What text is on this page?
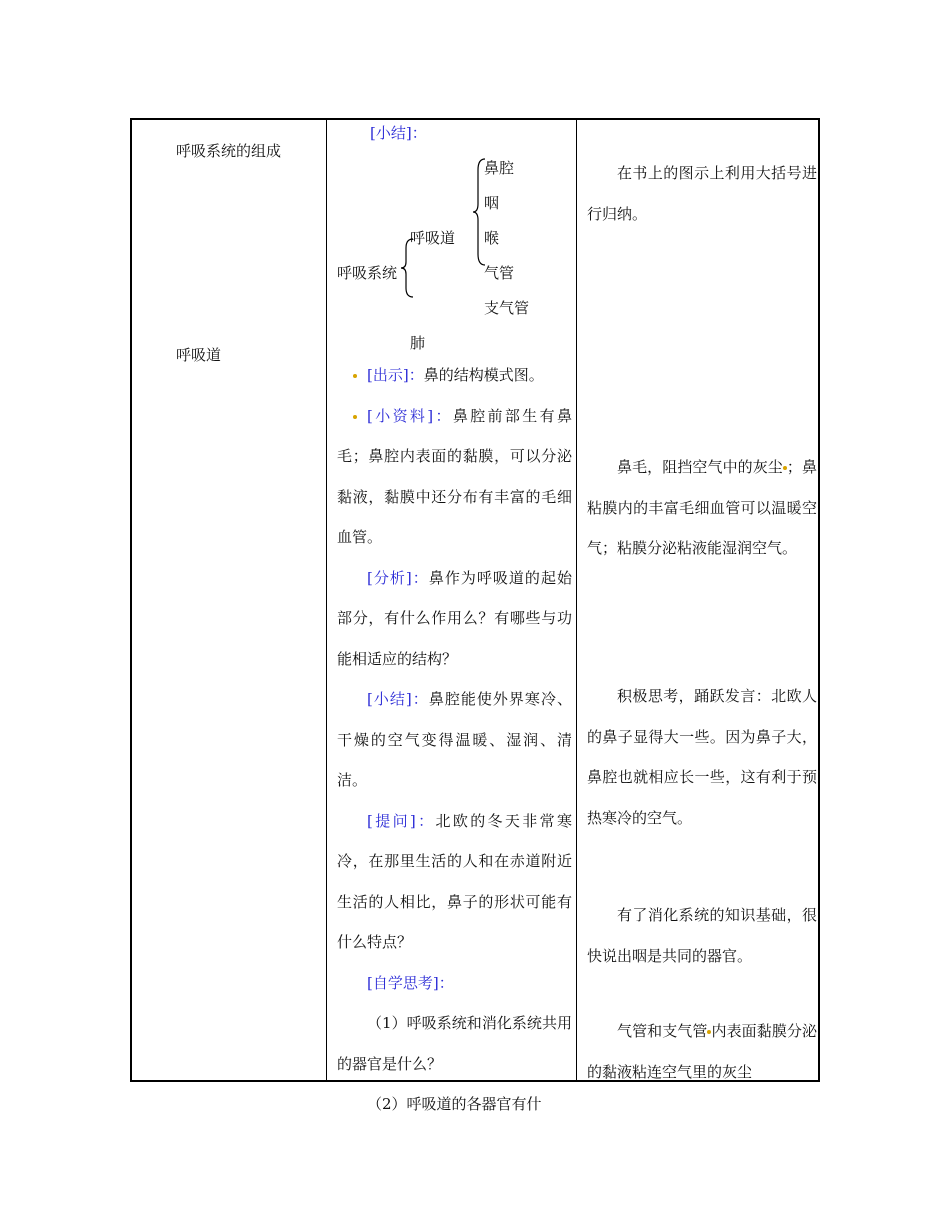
呼吸系统的组成
呼吸道
[小结]：
鼻腔
咽
喉
气管
支气管
呼吸道
呼吸系统
肺

[出示]：鼻的结构模式图。

[小资料]：鼻腔前部生有鼻毛；鼻腔内表面的黏膜，可以分泌黏液，黏膜中还分布有丰富的毛细血管。

[分析]：鼻作为呼吸道的起始部分，有什么作用么？有哪些与功能相适应的结构？

[小结]：鼻腔能使外界寒冷、干燥的空气变得温暖、湿润、清洁。

[提问]：北欧的冬天非常寒冷，在那里生活的人和在赤道附近生活的人相比，鼻子的形状可能有什么特点？

[自学思考]：

（1）呼吸系统和消化系统共用的器官是什么？

（2）呼吸道的各器官有什

在书上的图示上利用大括号进行归纳。

鼻毛，阻挡空气中的灰尘 ；鼻粘膜内的丰富毛细血管可以温暖空气；粘膜分泌粘液能湿润空气。

积极思考，踊跃发言：北欧人的鼻子显得大一些。因为鼻子大，鼻腔也就相应长一些，这有利于预热寒冷的空气。

有了消化系统的知识基础，很快说出咽是共同的器官。

气管和支气管 内表面黏膜分泌的黏液粘连空气里的灰尘
